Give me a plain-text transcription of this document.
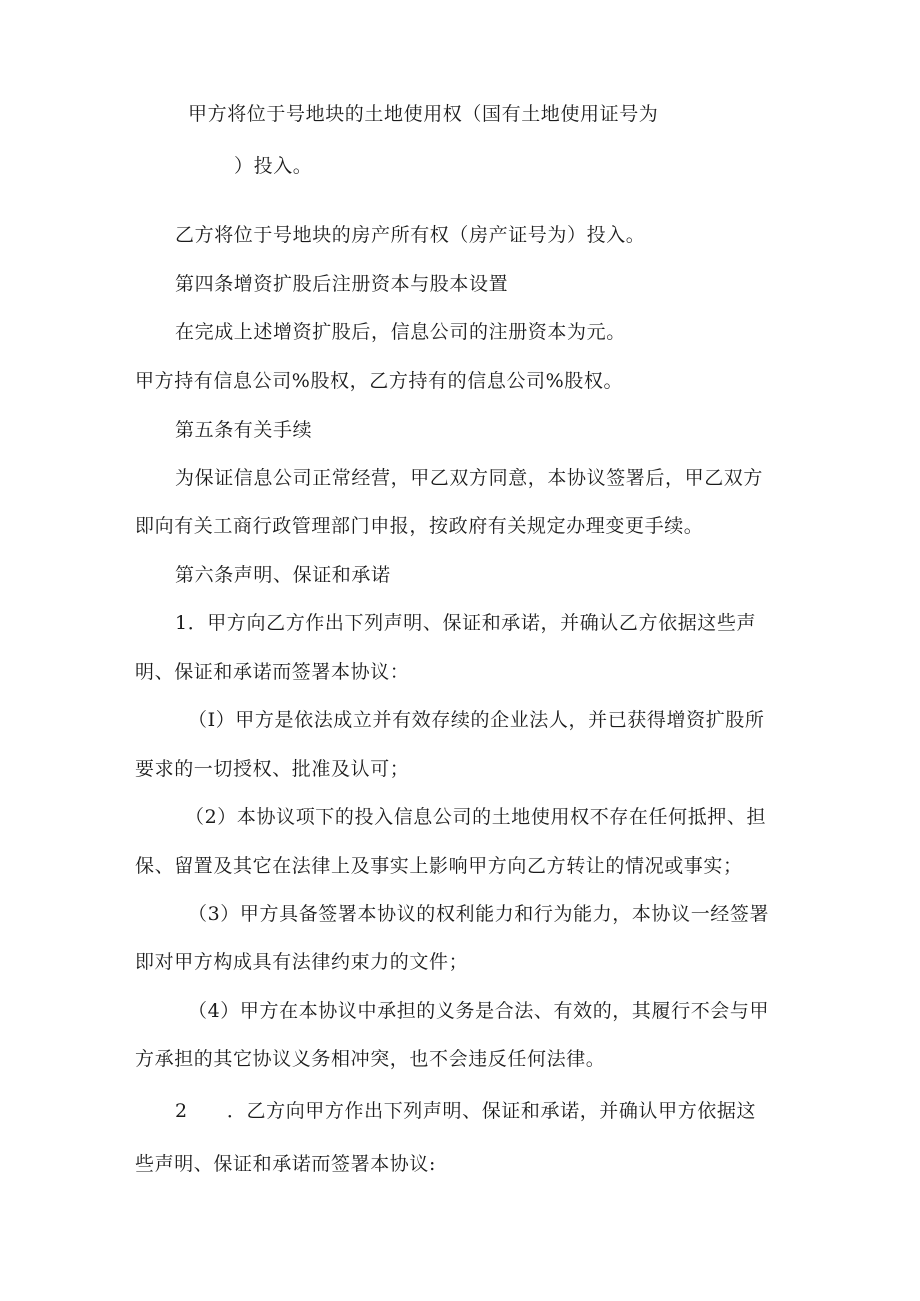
甲方将位于号地块的土地使用权（国有土地使用证号为
）投入。
乙方将位于号地块的房产所有权（房产证号为）投入。
第四条增资扩股后注册资本与股本设置
在完成上述增资扩股后，信息公司的注册资本为元。
甲方持有信息公司%股权，乙方持有的信息公司%股权。
第五条有关手续
为保证信息公司正常经营，甲乙双方同意，本协议签署后，甲乙双方
即向有关工商行政管理部门申报，按政府有关规定办理变更手续。
第六条声明、保证和承诺
1．甲方向乙方作出下列声明、保证和承诺，并确认乙方依据这些声
明、保证和承诺而签署本协议：
（I）甲方是依法成立并有效存续的企业法人，并已获得增资扩股所
要求的一切授权、批准及认可；
（2）本协议项下的投入信息公司的土地使用权不存在任何抵押、担
保、留置及其它在法律上及事实上影响甲方向乙方转让的情况或事实；
（3）甲方具备签署本协议的权利能力和行为能力，本协议一经签署
即对甲方构成具有法律约束力的文件；
（4）甲方在本协议中承担的义务是合法、有效的，其履行不会与甲
方承担的其它协议义务相冲突，也不会违反任何法律。
2　　．乙方向甲方作出下列声明、保证和承诺，并确认甲方依据这
些声明、保证和承诺而签署本协议:
